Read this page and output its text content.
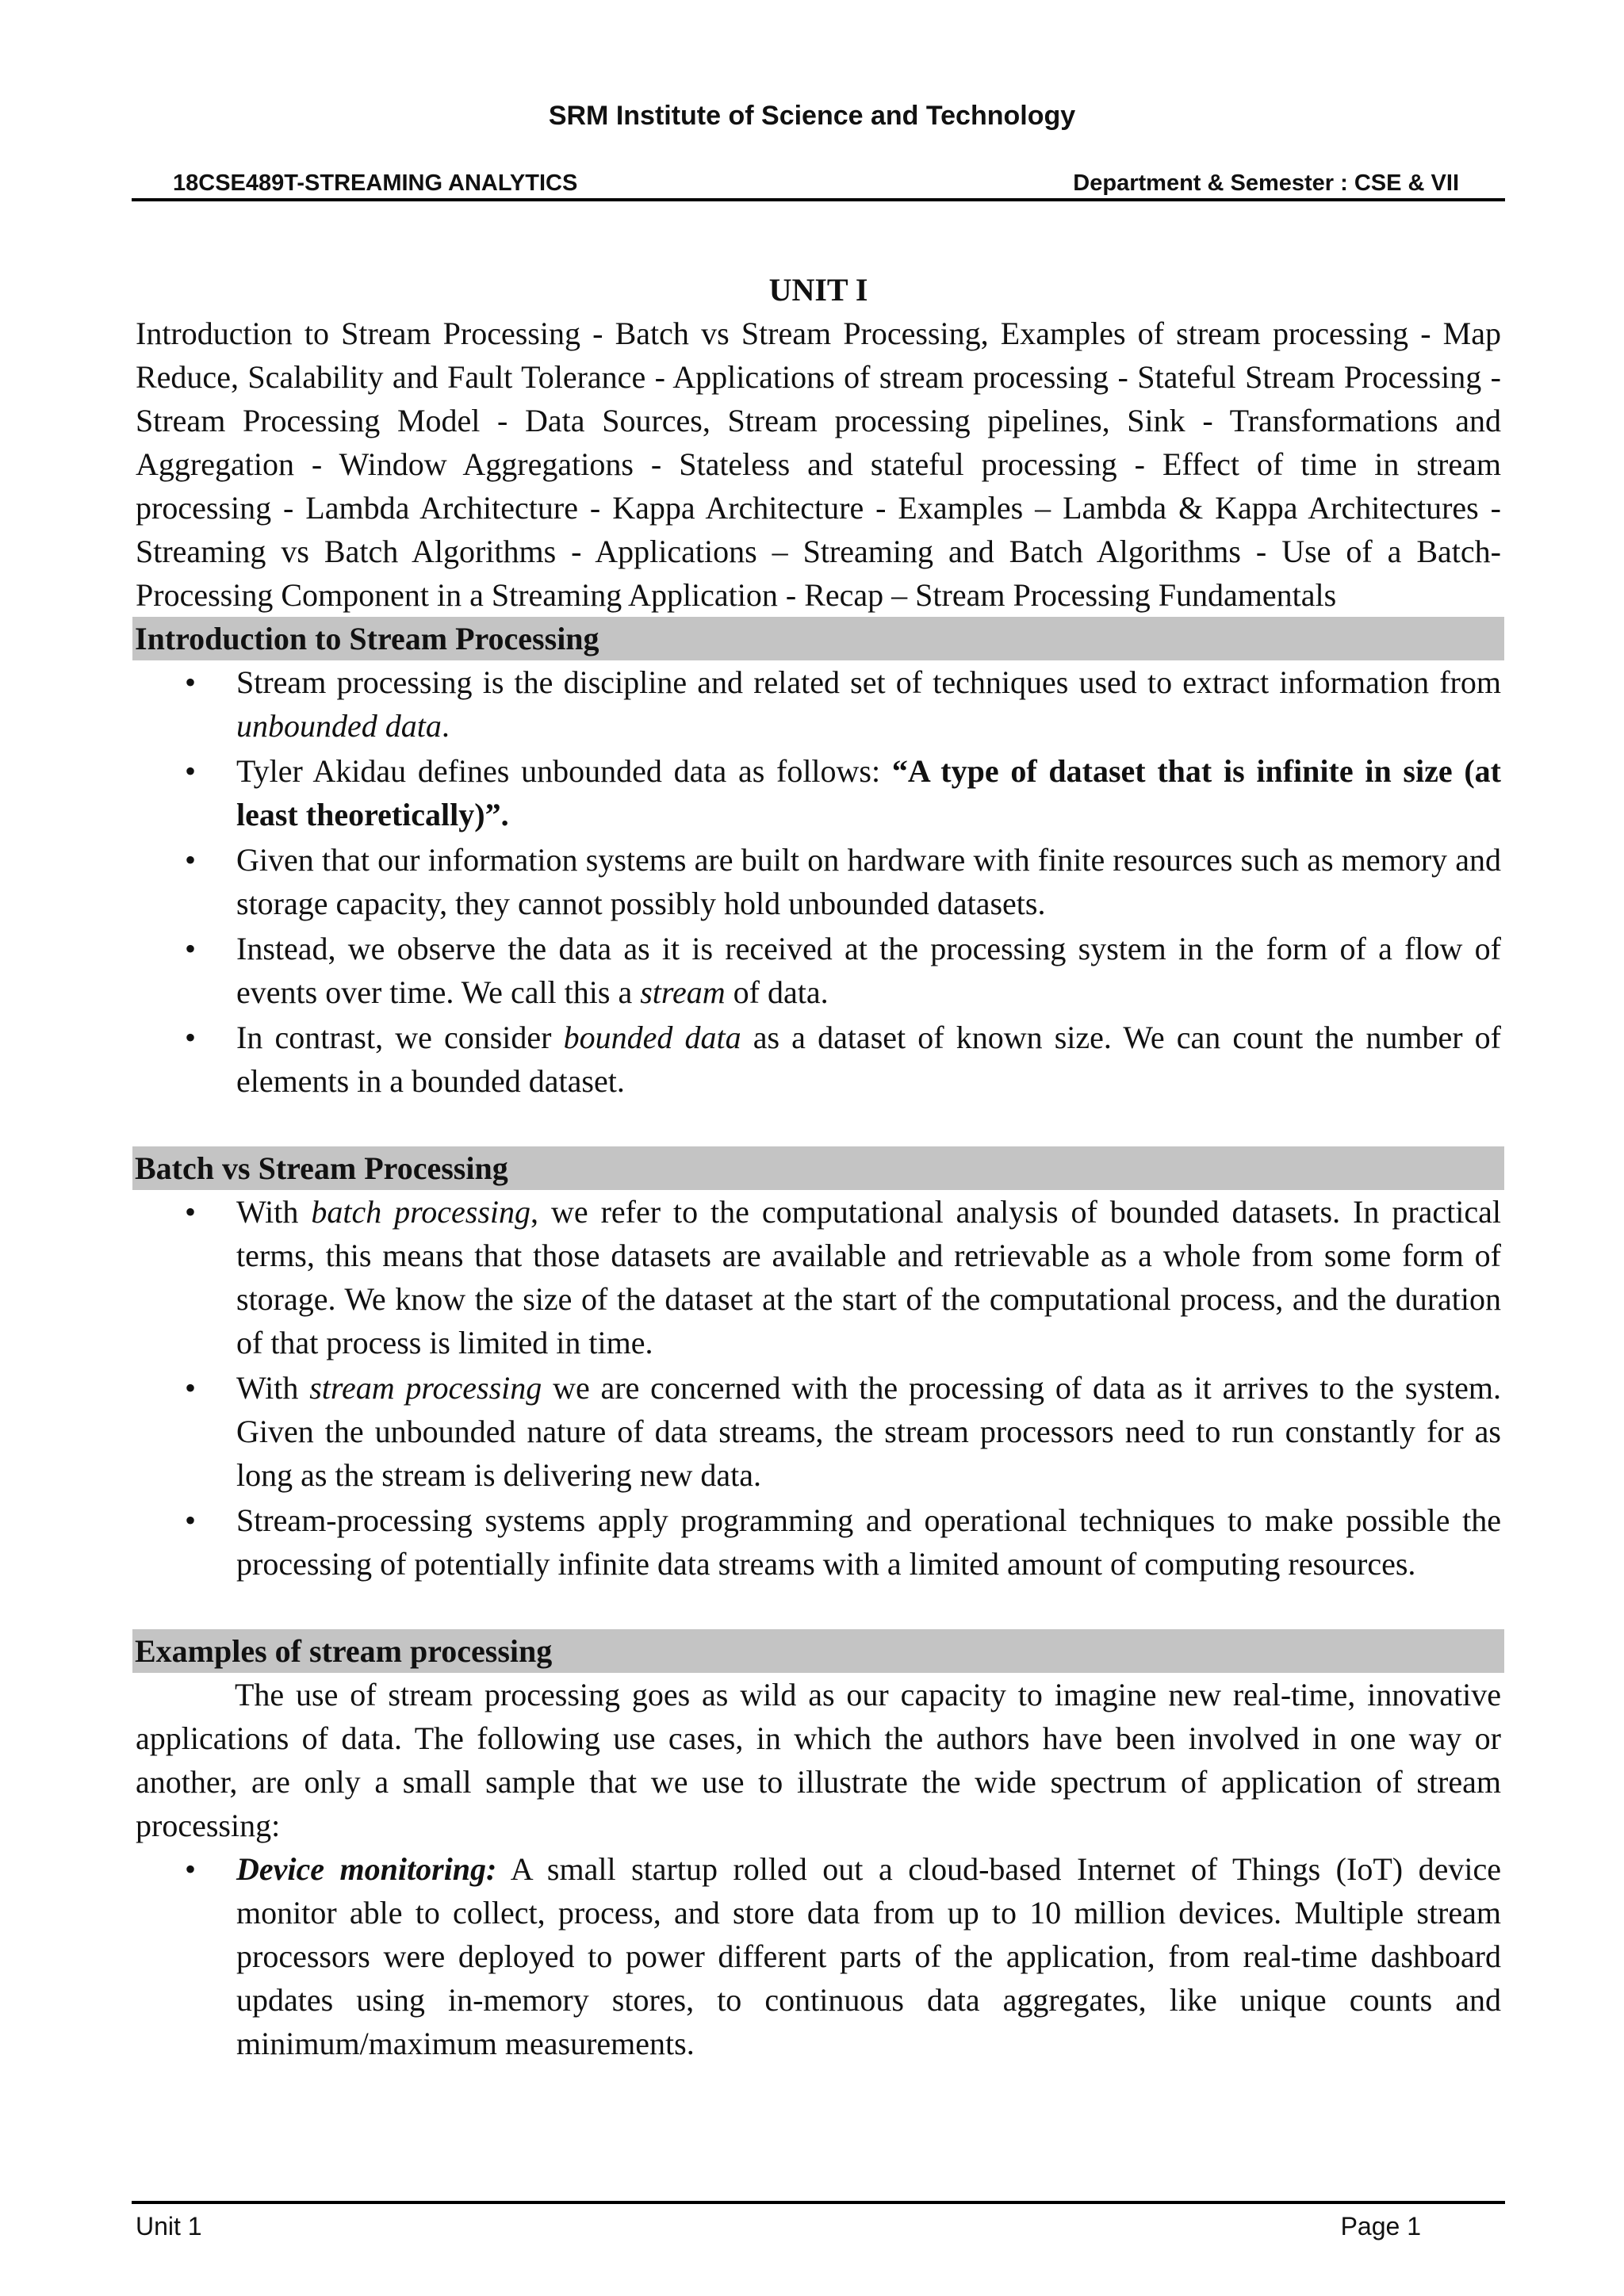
SRM Institute of Science and Technology
18CSE489T-STREAMING ANALYTICS	Department & Semester : CSE & VII

UNIT I

Introduction to Stream Processing - Batch vs Stream Processing, Examples of stream processing - Map Reduce, Scalability and Fault Tolerance - Applications of stream processing - Stateful Stream Processing - Stream Processing Model - Data Sources, Stream processing pipelines, Sink - Transformations and Aggregation - Window Aggregations - Stateless and stateful processing - Effect of time in stream processing - Lambda Architecture - Kappa Architecture - Examples – Lambda & Kappa Architectures - Streaming vs Batch Algorithms - Applications – Streaming and Batch Algorithms - Use of a Batch-Processing Component in a Streaming Application - Recap – Stream Processing Fundamentals

Introduction to Stream Processing
• Stream processing is the discipline and related set of techniques used to extract information from unbounded data.
• Tyler Akidau defines unbounded data as follows: “A type of dataset that is infinite in size (at least theoretically)”.
• Given that our information systems are built on hardware with finite resources such as memory and storage capacity, they cannot possibly hold unbounded datasets.
• Instead, we observe the data as it is received at the processing system in the form of a flow of events over time. We call this a stream of data.
• In contrast, we consider bounded data as a dataset of known size. We can count the number of elements in a bounded dataset.
Batch vs Stream Processing
• With batch processing, we refer to the computational analysis of bounded datasets. In practical terms, this means that those datasets are available and retrievable as a whole from some form of storage. We know the size of the dataset at the start of the computational process, and the duration of that process is limited in time.
• With stream processing we are concerned with the processing of data as it arrives to the system. Given the unbounded nature of data streams, the stream processors need to run constantly for as long as the stream is delivering new data.
• Stream-processing systems apply programming and operational techniques to make possible the processing of potentially infinite data streams with a limited amount of computing resources.
Examples of stream processing

The use of stream processing goes as wild as our capacity to imagine new real-time, innovative applications of data. The following use cases, in which the authors have been involved in one way or another, are only a small sample that we use to illustrate the wide spectrum of application of stream processing:

• Device monitoring: A small startup rolled out a cloud-based Internet of Things (IoT) device monitor able to collect, process, and store data from up to 10 million devices. Multiple stream processors were deployed to power different parts of the application, from real-time dashboard updates using in-memory stores, to continuous data aggregates, like unique counts and minimum/maximum measurements.
Unit 1	Page 1
